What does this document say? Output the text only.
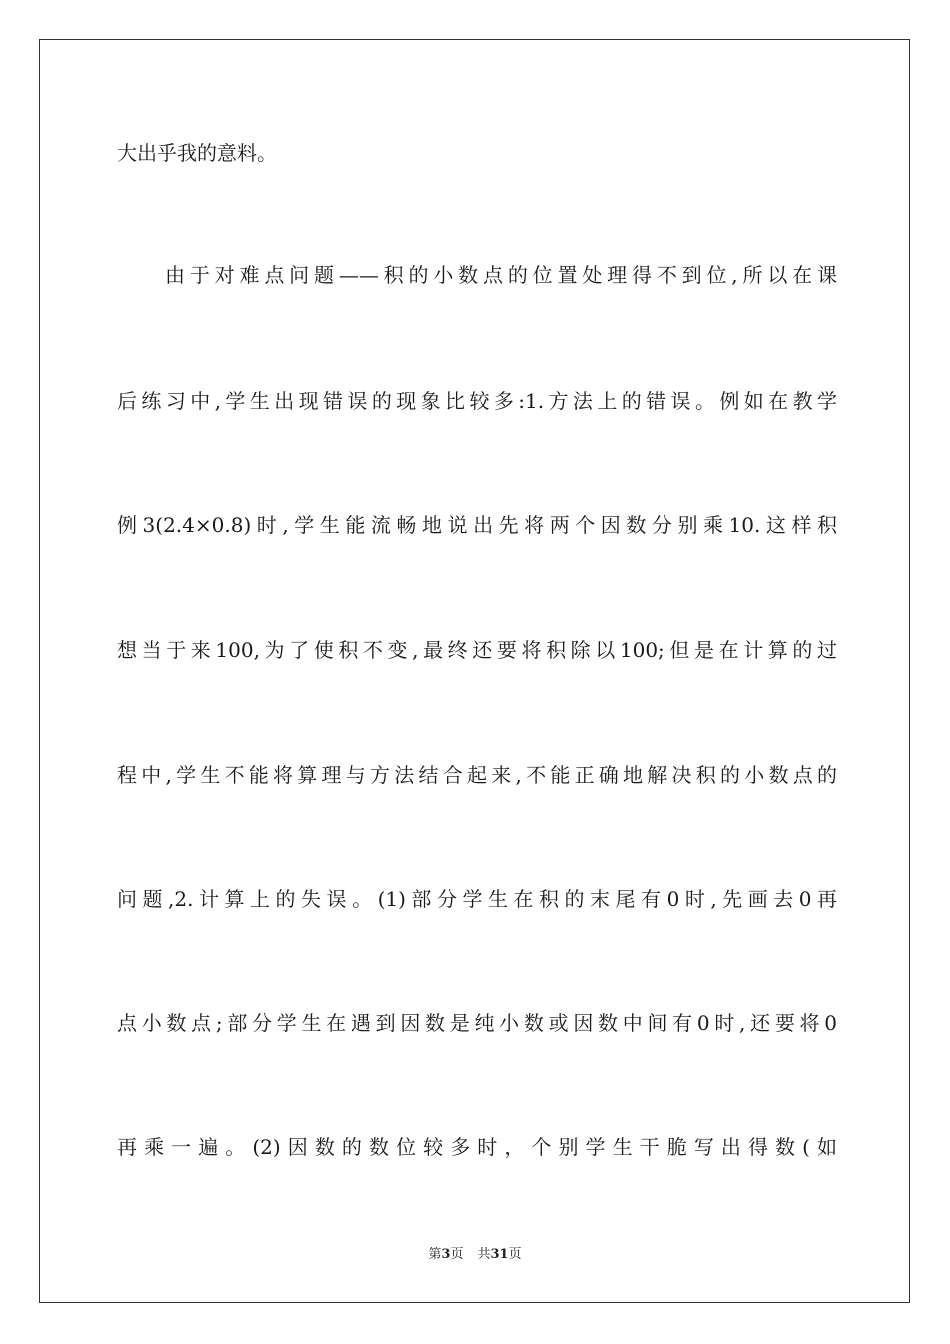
大出乎我的意料。
由于对难点问题——积的小数点的位置处理得不到位,所以在课
后练习中,学生出现错误的现象比较多:1.方法上的错误。例如在教学
例3(2.4×0.8)时,学生能流畅地说出先将两个因数分别乘10.这样积
想当于来100,为了使积不变,最终还要将积除以100;但是在计算的过
程中,学生不能将算理与方法结合起来,不能正确地解决积的小数点的
问题,2.计算上的失误。(1)部分学生在积的末尾有0时,先画去0再
点小数点;部分学生在遇到因数是纯小数或因数中间有0时,还要将0
再乘一遍。(2)因数的数位较多时，个别学生干脆写出得数(如
第3页 共31页
